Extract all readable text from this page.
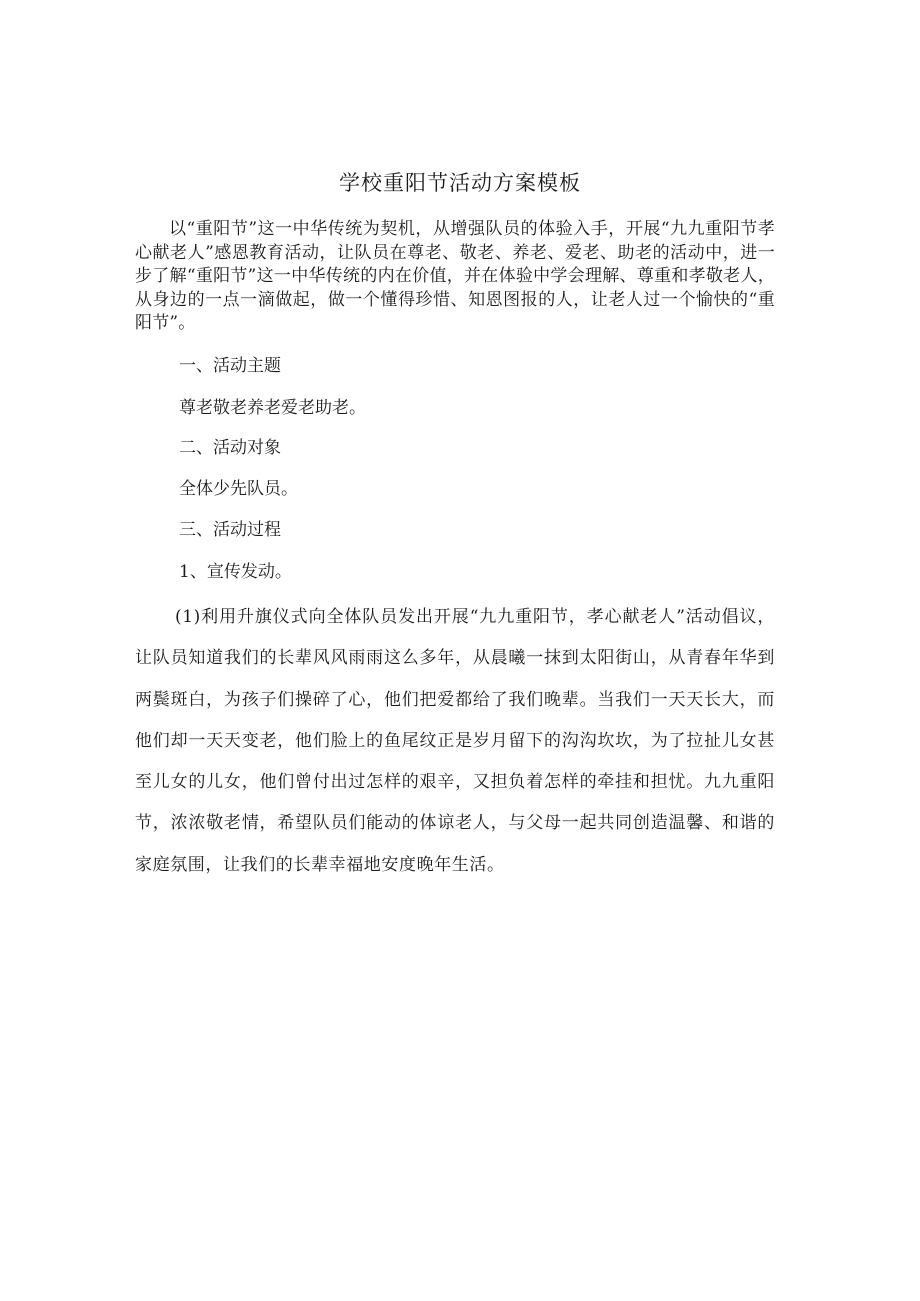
学校重阳节活动方案模板

以“重阳节”这一中华传统为契机，从增强队员的体验入手，开展“九九重阳节孝心献老人”感恩教育活动，让队员在尊老、敬老、养老、爱老、助老的活动中，进一步了解“重阳节”这一中华传统的内在价值，并在体验中学会理解、尊重和孝敬老人，从身边的一点一滴做起，做一个懂得珍惜、知恩图报的人，让老人过一个愉快的“重阳节”。

一、活动主题

尊老敬老养老爱老助老。

二、活动对象

全体少先队员。

三、活动过程

1、宣传发动。

(1)利用升旗仪式向全体队员发出开展“九九重阳节，孝心献老人”活动倡议，让队员知道我们的长辈风风雨雨这么多年，从晨曦一抹到太阳街山，从青春年华到两鬓斑白，为孩子们操碎了心，他们把爱都给了我们晚辈。当我们一天天长大，而他们却一天天变老，他们脸上的鱼尾纹正是岁月留下的沟沟坎坎，为了拉扯儿女甚至儿女的儿女，他们曾付出过怎样的艰辛，又担负着怎样的牵挂和担忧。九九重阳节，浓浓敬老情，希望队员们能动的体谅老人，与父母一起共同创造温馨、和谐的家庭氛围，让我们的长辈幸福地安度晚年生活。
